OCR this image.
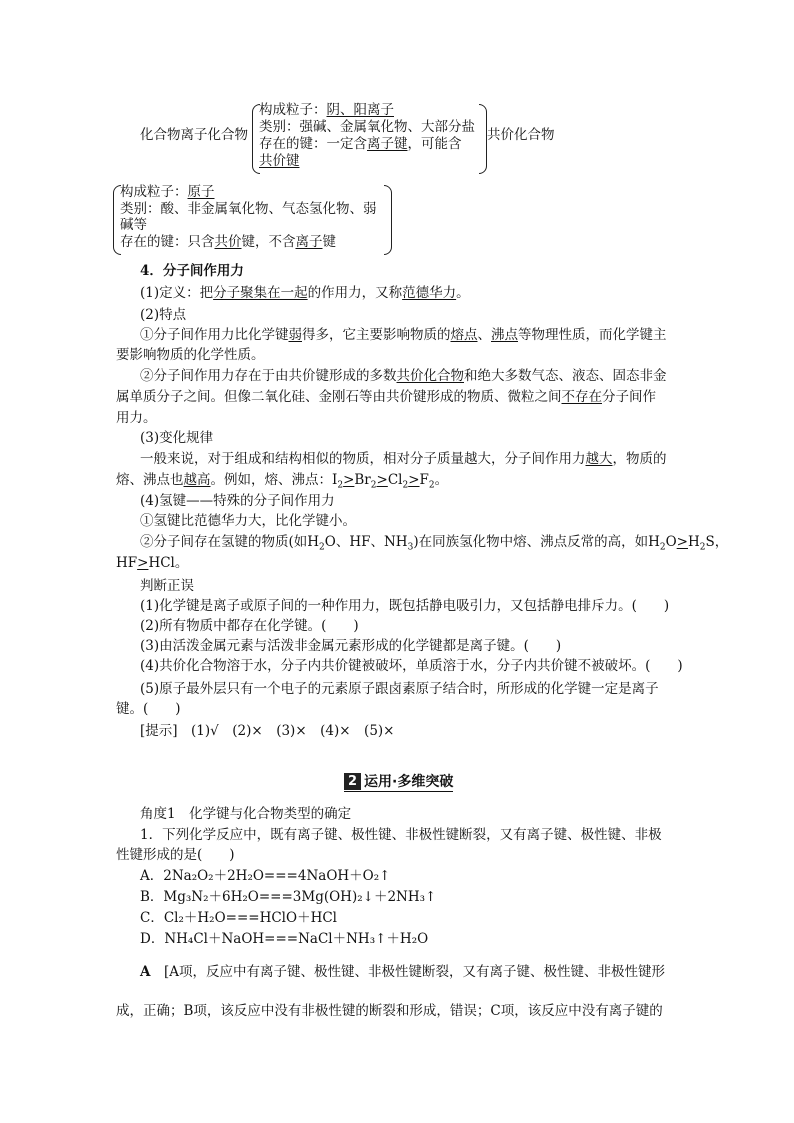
化合物离子化合物
构成粒子：阴、阳离子
类别：强碱、金属氧化物、大部分盐
存在的键：一定含离子键，可能含
共价键
共价化合物
构成粒子：原子
类别：酸、非金属氧化物、气态氢化物、弱
碱等
存在的键：只含共价键，不含离子键
4．分子间作用力
(1)定义：把分子聚集在一起的作用力，又称范德华力。
(2)特点
①分子间作用力比化学键弱得多，它主要影响物质的熔点、沸点等物理性质，而化学键主
要影响物质的化学性质。
②分子间作用力存在于由共价键形成的多数共价化合物和绝大多数气态、液态、固态非金
属单质分子之间。但像二氧化硅、金刚石等由共价键形成的物质、微粒之间不存在分子间作
用力。
(3)变化规律
一般来说，对于组成和结构相似的物质，相对分子质量越大，分子间作用力越大，物质的
熔、沸点也越高。例如，熔、沸点：$I_2>Br_2>Cl_2>F_2$。
(4)氢键——特殊的分子间作用力
①氢键比范德华力大，比化学键小。
②分子间存在氢键的物质(如$H_2O$、HF、$NH_3$)在同族氢化物中熔、沸点反常的高，如$H_2O>H_2S$，
HF>HCl。
判断正误
(1)化学键是离子或原子间的一种作用力，既包括静电吸引力，又包括静电排斥力。(　　)
(2)所有物质中都存在化学键。(　　)
(3)由活泼金属元素与活泼非金属元素形成的化学键都是离子键。(　　)
(4)共价化合物溶于水，分子内共价键被破坏，单质溶于水，分子内共价键不被破坏。(　　)
(5)原子最外层只有一个电子的元素原子跟卤素原子结合时，所形成的化学键一定是离子
键。(　　)
[提示]　(1)√　(2)×　(3)×　(4)×　(5)×
2 运用·多维突破
角度1　化学键与化合物类型的确定
1．下列化学反应中，既有离子键、极性键、非极性键断裂，又有离子键、极性键、非极
性键形成的是(　　)
A．2Na₂O₂＋2H₂O===4NaOH＋O₂↑
B．Mg₃N₂＋6H₂O===3Mg(OH)₂↓＋2NH₃↑
C．Cl₂＋H₂O===HClO＋HCl
D．NH₄Cl＋NaOH===NaCl＋NH₃↑＋H₂O
A　 [A项，反应中有离子键、极性键、非极性键断裂，又有离子键、极性键、非极性键形
成，正确；B项，该反应中没有非极性键的断裂和形成，错误；C项，该反应中没有离子键的
